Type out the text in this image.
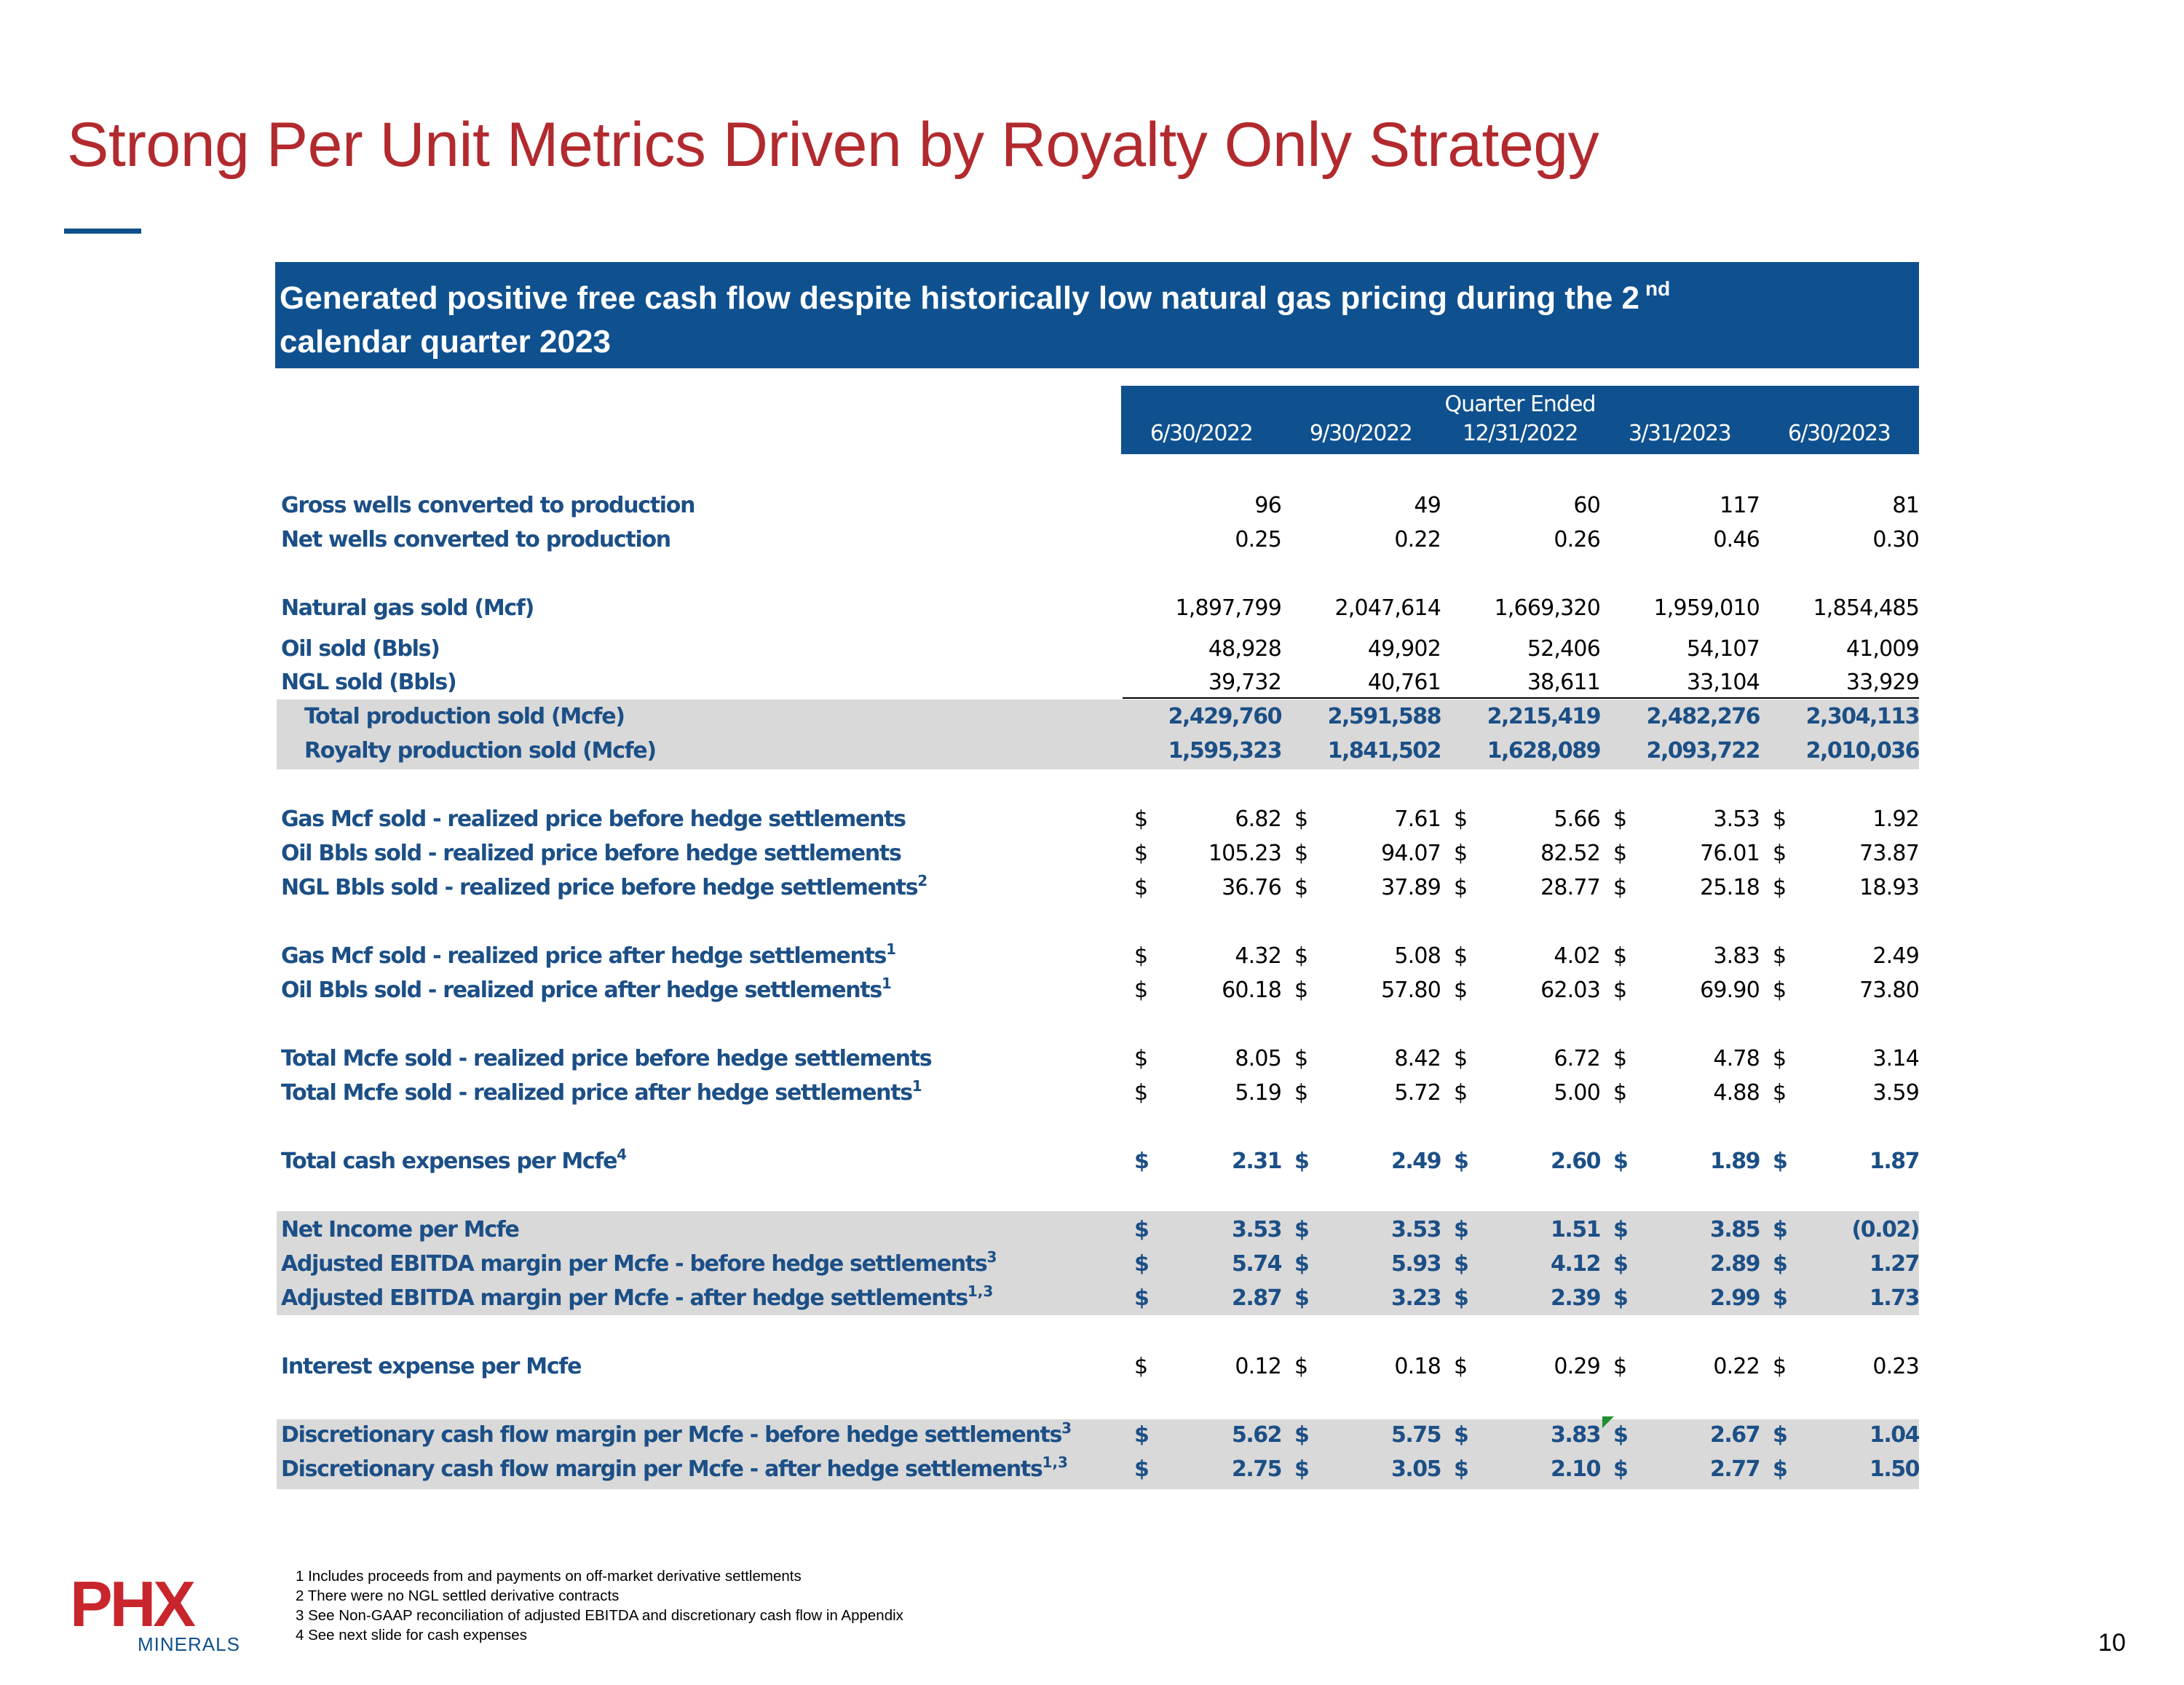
Strong Per Unit Metrics Driven by Royalty Only Strategy
Generated positive free cash flow despite historically low natural gas pricing during the 2 $^{nd}$
calendar quarter 2023
Quarter Ended
6/30/2022	9/30/2022	12/31/2022	3/31/2023	6/30/2023
Gross wells converted to production	96	49	60	117	81
Net wells converted to production	0.25	0.22	0.26	0.46	0.30
Natural gas sold (Mcf)	1,897,799	2,047,614	1,669,320	1,959,010	1,854,485
Oil sold (Bbls)	48,928	49,902	52,406	54,107	41,009
NGL sold (Bbls)	39,732	40,761	38,611	33,104	33,929
Total production sold (Mcfe)	2,429,760	2,591,588	2,215,419	2,482,276	2,304,113
Royalty production sold (Mcfe)	1,595,323	1,841,502	1,628,089	2,093,722	2,010,036
Gas Mcf sold - realized price before hedge settlements	$	6.82 $	7.61 $	5.66 $	3.53 $	1.92
Oil Bbls sold - realized price before hedge settlements	$	105.23 $	94.07 $	82.52 $	76.01 $	73.87
NGL Bbls sold - realized price before hedge settlements$^2$	$	36.76 $	37.89 $	28.77 $	25.18 $	18.93
Gas Mcf sold - realized price after hedge settlements$^1$	$	4.32 $	5.08 $	4.02 $	3.83 $	2.49
Oil Bbls sold - realized price after hedge settlements$^1$	$	60.18 $	57.80 $	62.03 $	69.90 $	73.80
Total Mcfe sold - realized price before hedge settlements	$	8.05 $	8.42 $	6.72 $	4.78 $	3.14
Total Mcfe sold - realized price after hedge settlements$^1$	$	5.19 $	5.72 $	5.00 $	4.88 $	3.59
Total cash expenses per Mcfe$^4$	$	2.31 $	2.49 $	2.60 $	1.89 $	1.87
Net Income per Mcfe	$	3.53 $	3.53 $	1.51 $	3.85 $	(0.02)
Adjusted EBITDA margin per Mcfe - before hedge settlements$^3$	$	5.74 $	5.93 $	4.12 $	2.89 $	1.27
Adjusted EBITDA margin per Mcfe - after hedge settlements$^{1,3}$	$	2.87 $	3.23 $	2.39 $	2.99 $	1.73
Interest expense per Mcfe	$	0.12 $	0.18 $	0.29 $	0.22 $	0.23
Discretionary cash flow margin per Mcfe - before hedge settlements$^3$	$	5.62 $	5.75 $	3.83 $	2.67 $	1.04
Discretionary cash flow margin per Mcfe - after hedge settlements$^{1,3}$	$	2.75 $	3.05 $	2.10 $	2.77 $	1.50
PHX
MINERALS
1 Includes proceeds from and payments on off-market derivative settlements
2 There were no NGL settled derivative contracts
3 See Non-GAAP reconciliation of adjusted EBITDA and discretionary cash flow in Appendix
4 See next slide for cash expenses	10
